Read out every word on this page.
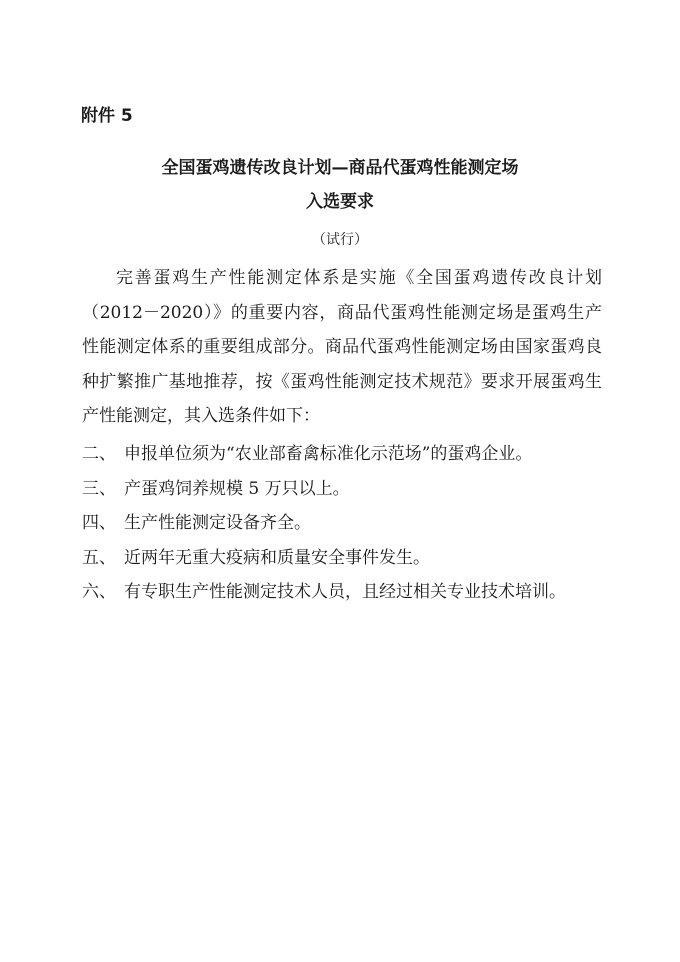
附件 5
全国蛋鸡遗传改良计划—商品代蛋鸡性能测定场
入选要求
（试行）

完善蛋鸡生产性能测定体系是实施《全国蛋鸡遗传改良计划（2012－2020）》的重要内容，商品代蛋鸡性能测定场是蛋鸡生产性能测定体系的重要组成部分。商品代蛋鸡性能测定场由国家蛋鸡良种扩繁推广基地推荐，按《蛋鸡性能测定技术规范》要求开展蛋鸡生产性能测定，其入选条件如下：

二、 申报单位须为“农业部畜禽标准化示范场”的蛋鸡企业。
三、 产蛋鸡饲养规模 5 万只以上。
四、 生产性能测定设备齐全。
五、 近两年无重大疫病和质量安全事件发生。
六、 有专职生产性能测定技术人员，且经过相关专业技术培训。
